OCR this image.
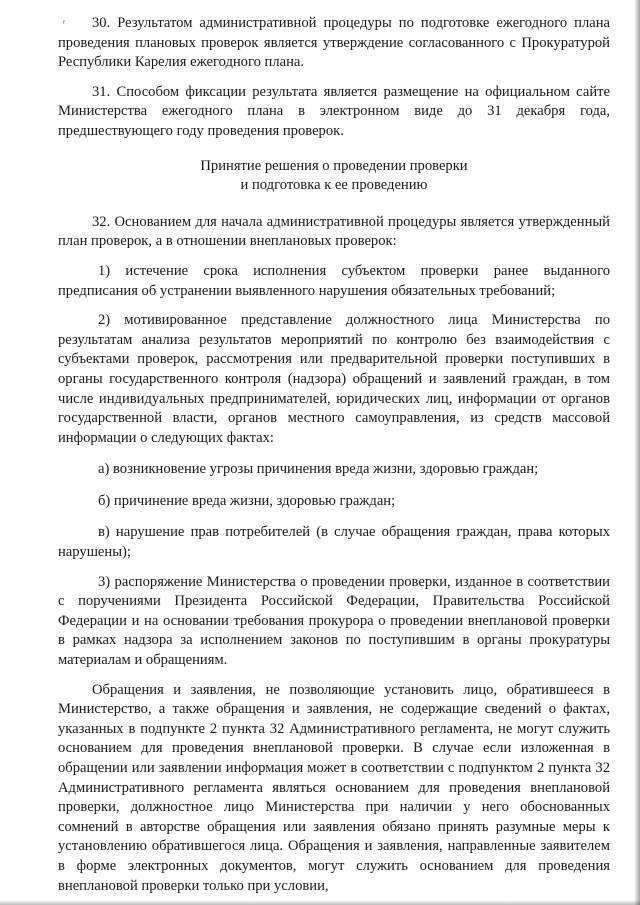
ᶠ	30. Результатом административной процедуры по подготовке ежегодного плана проведения плановых проверок является утверждение согласованного с Прокуратурой Республики Карелия ежегодного плана.

31. Способом фиксации результата является размещение на официальном сайте Министерства ежегодного плана в электронном виде до 31 декабря года, предшествующего году проведения проверок.

Принятие решения о проведении проверки
и подготовка к ее проведению

32. Основанием для начала административной процедуры является утвержденный план проверок, а в отношении внеплановых проверок:

1) истечение срока исполнения субъектом проверки ранее выданного предписания об устранении выявленного нарушения обязательных требований;

2) мотивированное представление должностного лица Министерства по результатам анализа результатов мероприятий по контролю без взаимодействия с субъектами проверок, рассмотрения или предварительной проверки поступивших в органы государственного контроля (надзора) обращений и заявлений граждан, в том числе индивидуальных предпринимателей, юридических лиц, информации от органов государственной власти, органов местного самоуправления, из средств массовой информации о следующих фактах:

а) возникновение угрозы причинения вреда жизни, здоровью граждан;

б) причинение вреда жизни, здоровью граждан;

в) нарушение прав потребителей (в случае обращения граждан, права которых нарушены);

3) распоряжение Министерства о проведении проверки, изданное в соответствии с поручениями Президента Российской Федерации, Правительства Российской Федерации и на основании требования прокурора о проведении внеплановой проверки в рамках надзора за исполнением законов по поступившим в органы прокуратуры материалам и обращениям.

Обращения и заявления, не позволяющие установить лицо, обратившееся в Министерство, а также обращения и заявления, не содержащие сведений о фактах, указанных в подпункте 2 пункта 32 Административного регламента, не могут служить основанием для проведения внеплановой проверки. В случае если изложенная в обращении или заявлении информация может в соответствии с подпунктом 2 пункта 32 Административного регламента являться основанием для проведения внеплановой проверки, должностное лицо Министерства при наличии у него обоснованных сомнений в авторстве обращения или заявления обязано принять разумные меры к установлению обратившегося лица. Обращения и заявления, направленные заявителем в форме электронных документов, могут служить основанием для проведения внеплановой проверки только при условии,
